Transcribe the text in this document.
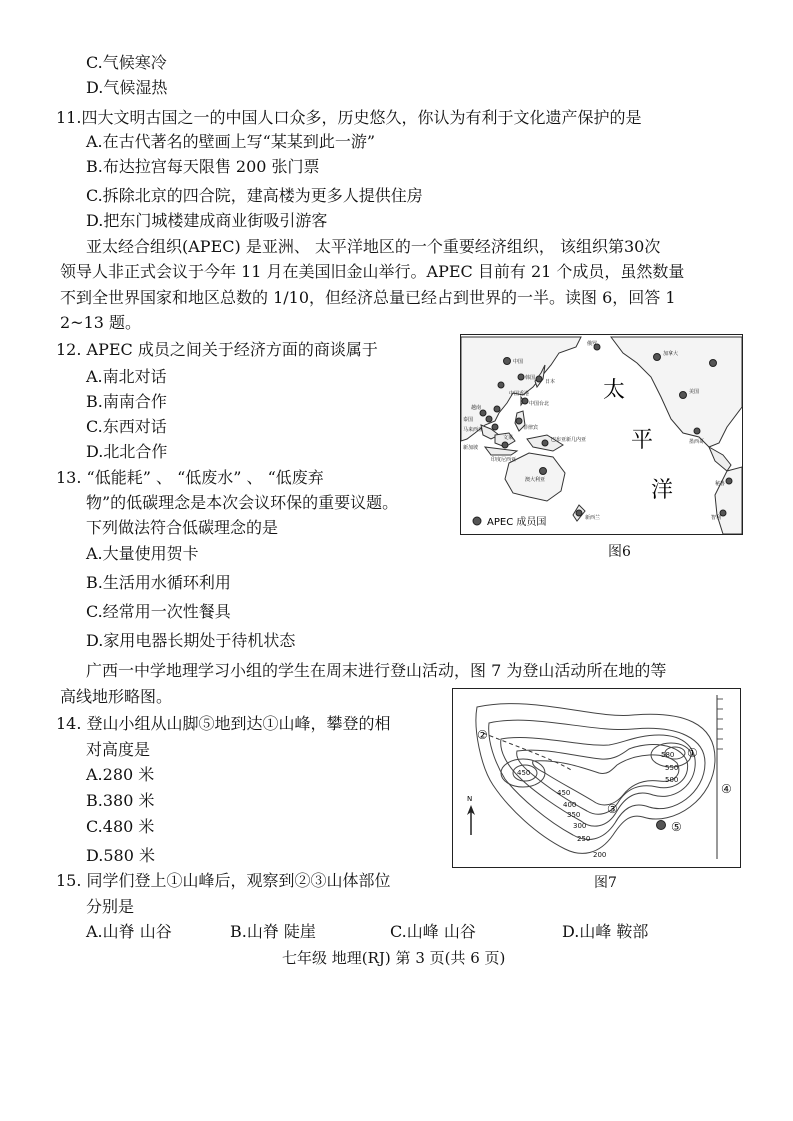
C.气候寒冷
D.气候湿热
11.四大文明古国之一的中国人口众多，历史悠久，你认为有利于文化遗产保护的是
A.在古代著名的壁画上写“某某到此一游”
B.布达拉宫每天限售 200 张门票
C.拆除北京的四合院，建高楼为更多人提供住房
D.把东门城楼建成商业街吸引游客
亚太经合组织(APEC) 是亚洲、 太平洋地区的一个重要经济组织， 该组织第30次
领导人非正式会议于今年 11 月在美国旧金山举行。APEC 目前有 21 个成员，虽然数量
不到全世界国家和地区总数的 1/10，但经济总量已经占到世界的一半。读图 6，回答 1
2~13 题。
12. APEC 成员之间关于经济方面的商谈属于
A.南北对话
B.南南合作
C.东西对话
D.北北合作
13. “低能耗” 、 “低废水” 、 “低废弃
物”的低碳理念是本次会议环保的重要议题。
下列做法符合低碳理念的是
A.大量使用贺卡
B.生活用水循环利用
C.经常用一次性餐具
D.家用电器长期处于待机状态
俄罗
中国
中国香港
韩国
日本
泰国
马来西亚
新加坡
印度尼西亚
菲律宾
中国台北
文莱	巴布亚新几内亚
澳大利亚
新西兰
加拿大
美国
墨西哥
秘鲁
智利
越南
太
平
洋
APEC 成员国
图6
广西一中学地理学习小组的学生在周末进行登山活动，图 7 为登山活动所在地的等
高线地形略图。
14. 登山小组从山脚⑤地到达①山峰，攀登的相
对高度是
A.280 米
B.380 米
C.480 米
D.580 米
580
550
500
450
400
350
300
250
200
450
①
②
③
④
⑤
N
图7
15. 同学们登上①山峰后，观察到②③山体部位
分别是
A.山脊 山谷	B.山脊 陡崖	C.山峰 山谷	D.山峰 鞍部
七年级 地理(RJ) 第 3 页(共 6 页)
